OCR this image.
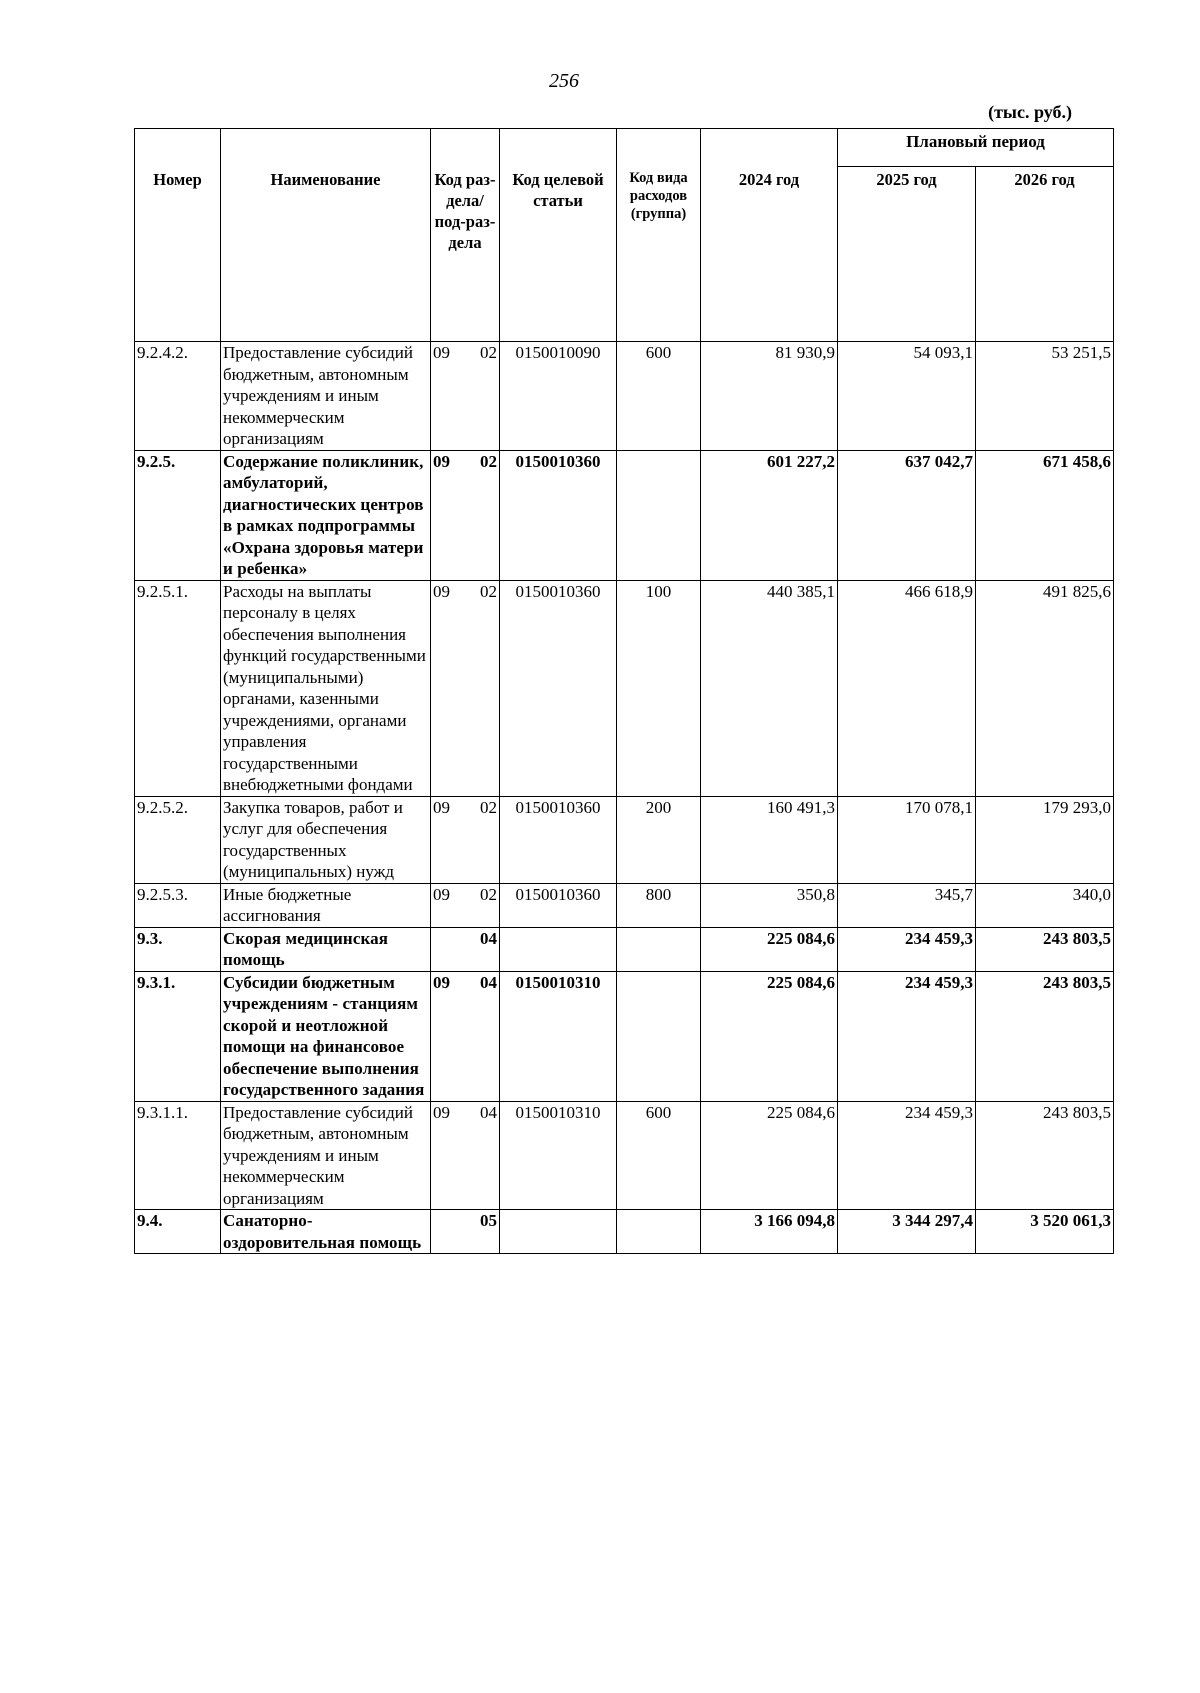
256
(тыс. руб.)
Номер	Наименование	Код раз-дела/ под-раз-дела	Код целевой статьи	Код вида расходов (группа)	2024 год	Плановый период	
						2025 год	2026 год
9.2.4.2.	Предоставление субсидий бюджетным, автономным учреждениям и иным некоммерческим организациям	09 02	0150010090	600	81 930,9	54 093,1	53 251,5
9.2.5.	Содержание поликлиник, амбулаторий, диагностических центров в рамках подпрограммы «Охрана здоровья матери и ребенка»	09 02	0150010360		601 227,2	637 042,7	671 458,6
9.2.5.1.	Расходы на выплаты персоналу в целях обеспечения выполнения функций государственными (муниципальными) органами, казенными учреждениями, органами управления государственными внебюджетными фондами	09 02	0150010360	100	440 385,1	466 618,9	491 825,6
9.2.5.2.	Закупка товаров, работ и услуг для обеспечения государственных (муниципальных) нужд	09 02	0150010360	200	160 491,3	170 078,1	179 293,0
9.2.5.3.	Иные бюджетные ассигнования	09 02	0150010360	800	350,8	345,7	340,0
9.3.	Скорая медицинская помощь	04			225 084,6	234 459,3	243 803,5
9.3.1.	Субсидии бюджетным учреждениям - станциям скорой и неотложной помощи на финансовое обеспечение выполнения государственного задания	09 04	0150010310		225 084,6	234 459,3	243 803,5
9.3.1.1.	Предоставление субсидий бюджетным, автономным учреждениям и иным некоммерческим организациям	09 04	0150010310	600	225 084,6	234 459,3	243 803,5
9.4.	Санаторно-оздоровительная помощь	05			3 166 094,8	3 344 297,4	3 520 061,3
